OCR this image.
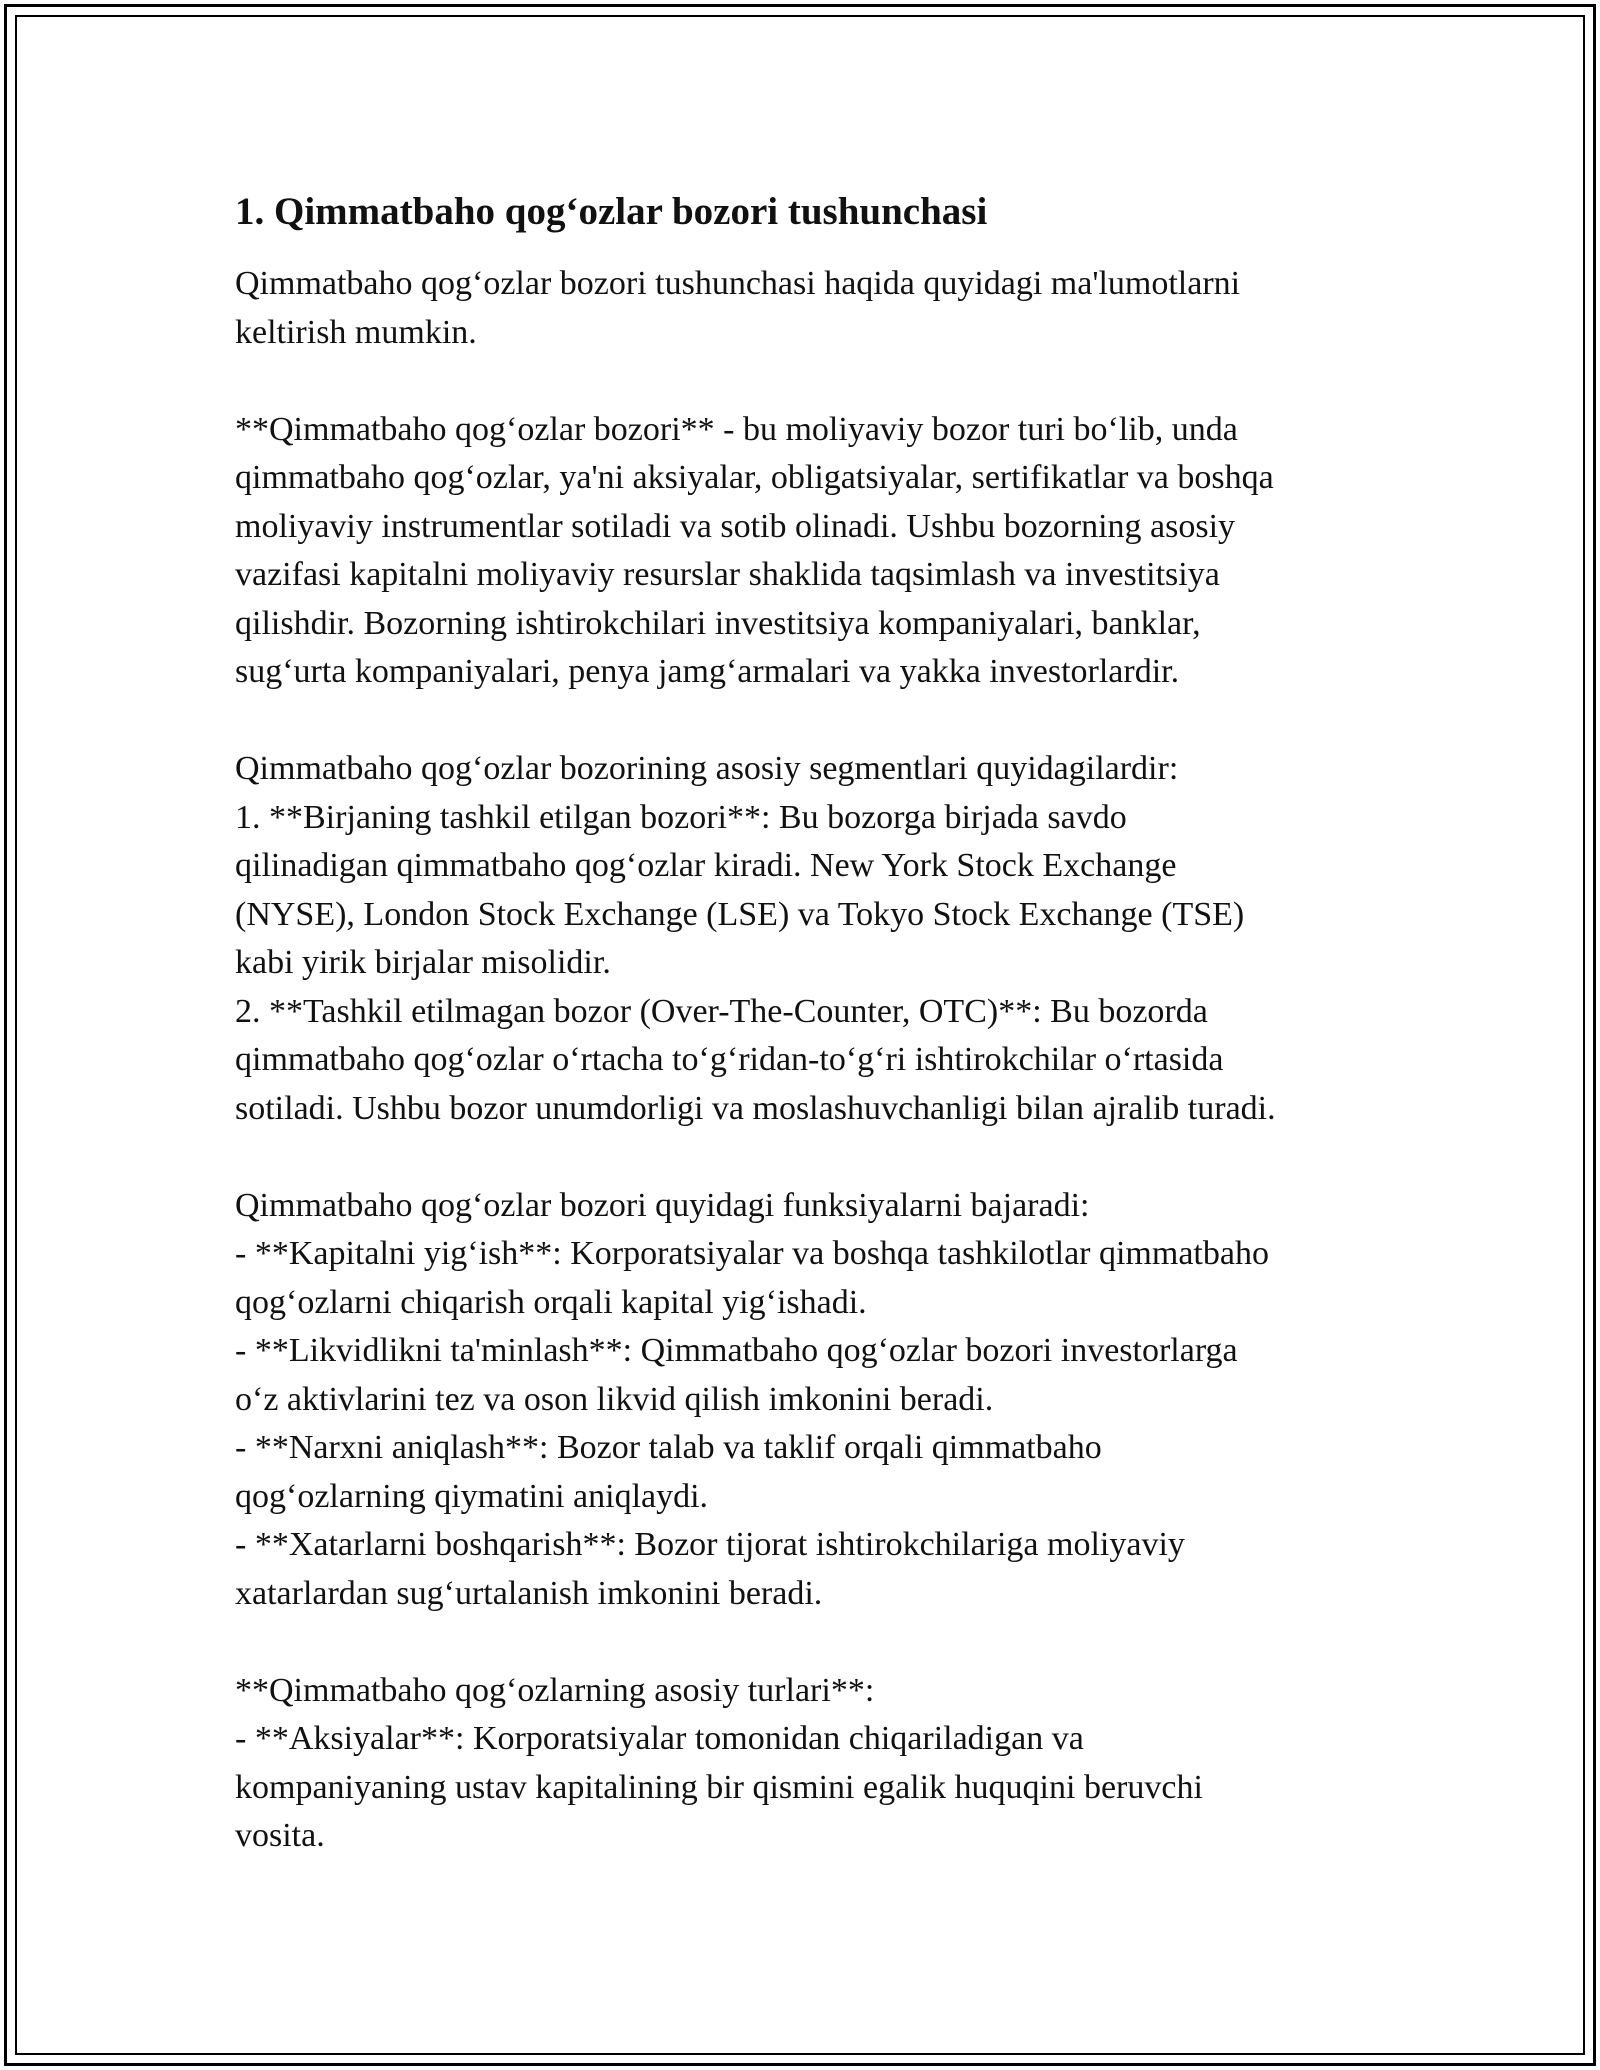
1. Qimmatbaho qog‘ozlar bozori tushunchasi

Qimmatbaho qog‘ozlar bozori tushunchasi haqida quyidagi ma'lumotlarni
keltirish mumkin.

**Qimmatbaho qog‘ozlar bozori** - bu moliyaviy bozor turi bo‘lib, unda
qimmatbaho qog‘ozlar, ya'ni aksiyalar, obligatsiyalar, sertifikatlar va boshqa
moliyaviy instrumentlar sotiladi va sotib olinadi. Ushbu bozorning asosiy
vazifasi kapitalni moliyaviy resurslar shaklida taqsimlash va investitsiya
qilishdir. Bozorning ishtirokchilari investitsiya kompaniyalari, banklar,
sug‘urta kompaniyalari, penya jamg‘armalari va yakka investorlardir.

Qimmatbaho qog‘ozlar bozorining asosiy segmentlari quyidagilardir:
1. **Birjaning tashkil etilgan bozori**: Bu bozorga birjada savdo
qilinadigan qimmatbaho qog‘ozlar kiradi. New York Stock Exchange
(NYSE), London Stock Exchange (LSE) va Tokyo Stock Exchange (TSE)
kabi yirik birjalar misolidir.
2. **Tashkil etilmagan bozor (Over-The-Counter, OTC)**: Bu bozorda
qimmatbaho qog‘ozlar o‘rtacha to‘g‘ridan-to‘g‘ri ishtirokchilar o‘rtasida
sotiladi. Ushbu bozor unumdorligi va moslashuvchanligi bilan ajralib turadi.

Qimmatbaho qog‘ozlar bozori quyidagi funksiyalarni bajaradi:
- **Kapitalni yig‘ish**: Korporatsiyalar va boshqa tashkilotlar qimmatbaho
qog‘ozlarni chiqarish orqali kapital yig‘ishadi.
- **Likvidlikni ta'minlash**: Qimmatbaho qog‘ozlar bozori investorlarga
o‘z aktivlarini tez va oson likvid qilish imkonini beradi.
- **Narxni aniqlash**: Bozor talab va taklif orqali qimmatbaho
qog‘ozlarning qiymatini aniqlaydi.
- **Xatarlarni boshqarish**: Bozor tijorat ishtirokchilariga moliyaviy
xatarlardan sug‘urtalanish imkonini beradi.

**Qimmatbaho qog‘ozlarning asosiy turlari**:
- **Aksiyalar**: Korporatsiyalar tomonidan chiqariladigan va
kompaniyaning ustav kapitalining bir qismini egalik huquqini beruvchi
vosita.
